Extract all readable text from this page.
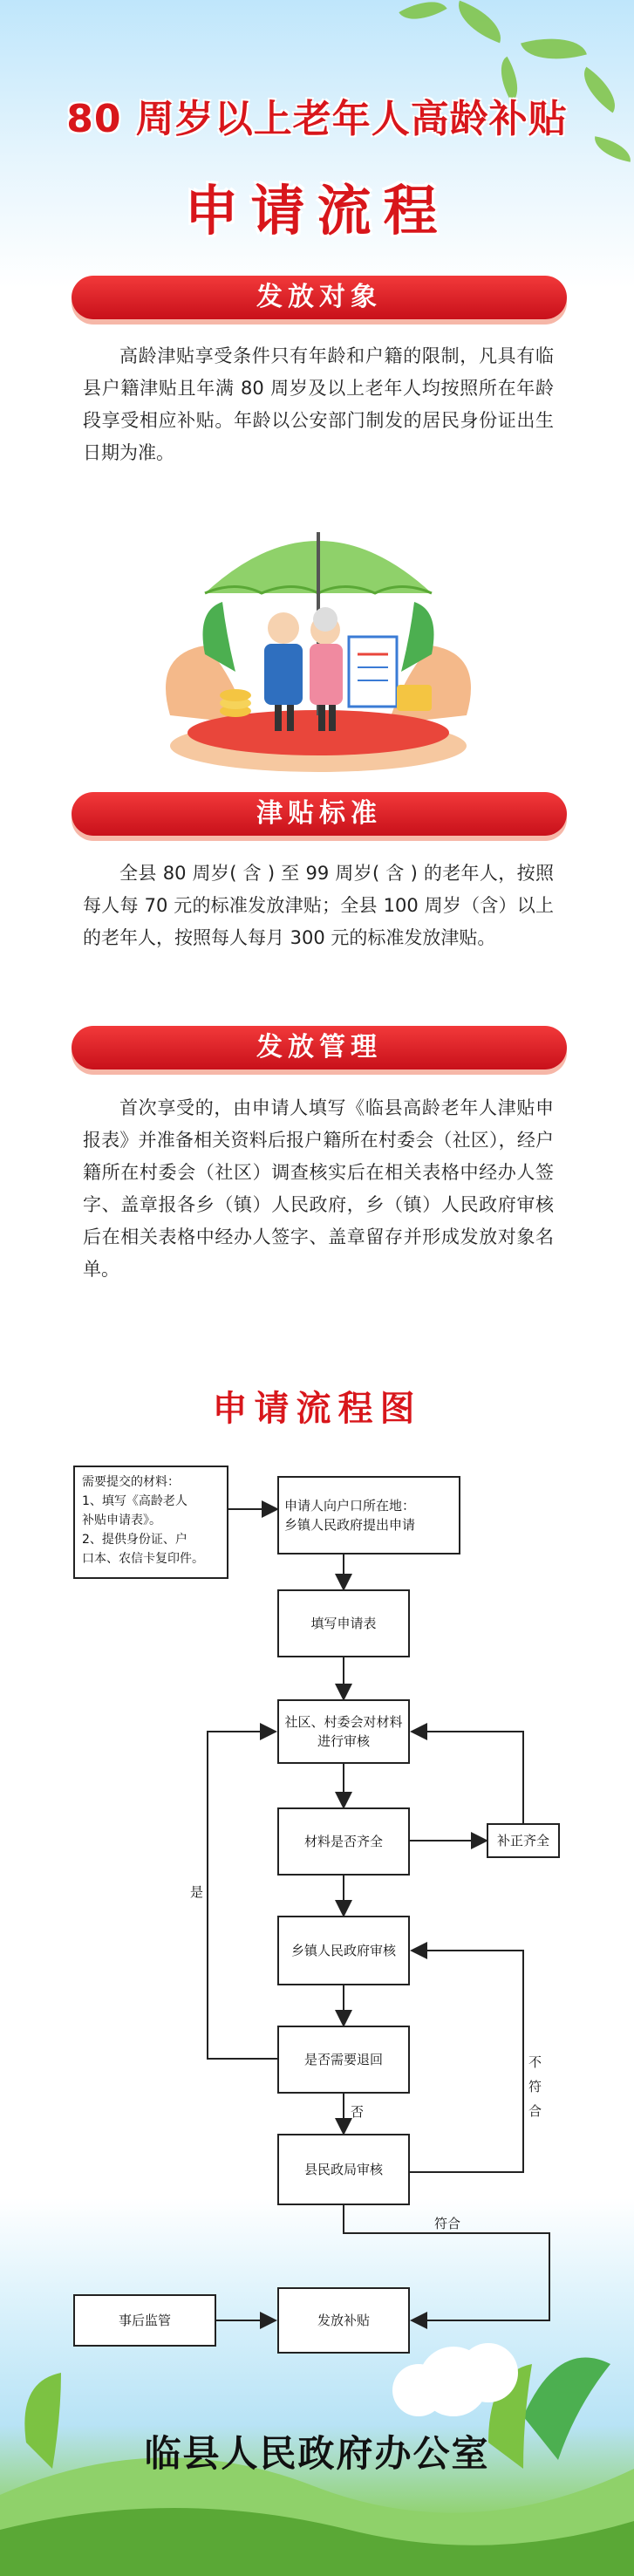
80 周岁以上老年人高龄补贴
申请流程
发放对象
高龄津贴享受条件只有年龄和户籍的限制，凡具有临县户籍津贴且年满 80 周岁及以上老年人均按照所在年龄段享受相应补贴。年龄以公安部门制发的居民身份证出生日期为准。
津贴标准
全县 80 周岁( 含 ) 至 99 周岁( 含 ) 的老年人，按照每人每 70 元的标准发放津贴；全县 100 周岁（含）以上的老年人，按照每人每月 300 元的标准发放津贴。
发放管理
首次享受的，由申请人填写《临县高龄老年人津贴申报表》并准备相关资料后报户籍所在村委会（社区），经户籍所在村委会（社区）调查核实后在相关表格中经办人签字、盖章报各乡（镇）人民政府，乡（镇）人民政府审核后在相关表格中经办人签字、盖章留存并形成发放对象名单。
申请流程图
需要提交的材料：
1、填写《高龄老人
补贴申请表》。
2、提供身份证、户
口本、农信卡复印件。
申请人向户口所在地：
乡镇人民政府提出申请
填写申请表
社区、村委会对材料
进行审核
材料是否齐全	补正齐全
乡镇人民政府审核
是否需要退回
县民政局审核
发放补贴
事后监管
是
否
不
符
合
符合
临县人民政府办公室
